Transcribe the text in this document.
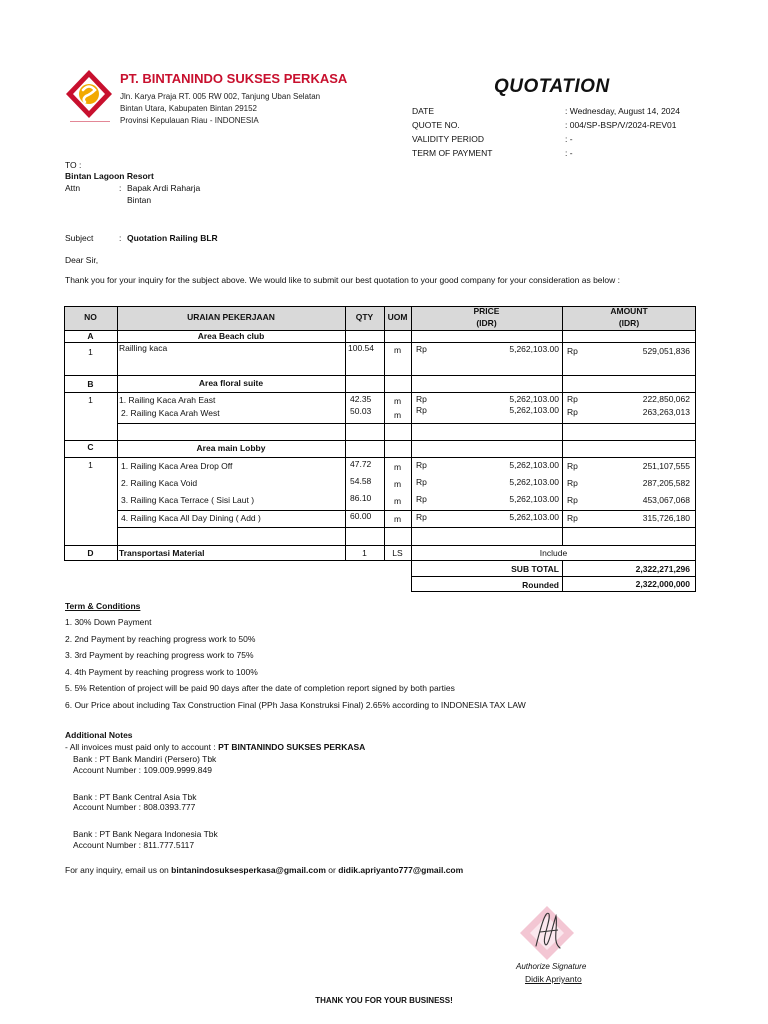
PT. BINTANINDO SUKSES PERKASA
Jln. Karya Praja RT. 005 RW 002, Tanjung Uban Selatan
Bintan Utara, Kabupaten Bintan 29152
Provinsi Kepulauan Riau - INDONESIA
QUOTATION
DATE	: Wednesday, August 14, 2024
QUOTE NO.	: 004/SP-BSP/V/2024-REV01
VALIDITY PERIOD	: -
TERM OF PAYMENT	: -
TO :
Bintan Lagoon Resort
Attn	: Bapak Ardi Raharja
Bintan
Subject	: Quotation Railing BLR
Dear Sir,
Thank you for your inquiry for the subject above. We would like to submit our best quotation to your good company for your consideration as below :
NO	URAIAN PEKERJAAN	QTY	UOM
PRICE
(IDR)
AMOUNT
(IDR)
A	Area Beach club
1	Railling kaca	100.54	m	Rp	5,262,103.00 Rp	529,051,836
B	Area floral suite
1	1. Railing Kaca Arah East	42.35	m	Rp	5,262,103.00 Rp	222,850,062
2. Railing Kaca Arah West	50.03	m	Rp	5,262,103.00 Rp	263,263,013
C	Area main Lobby
1	1. Railing Kaca Area Drop Off	47.72	m	Rp	5,262,103.00 Rp	251,107,555
2. Railing Kaca Void	54.58	m	Rp	5,262,103.00 Rp	287,205,582
3. Railing Kaca Terrace ( Sisi Laut )	86.10	m	Rp	5,262,103.00 Rp	453,067,068
4. Railing Kaca All Day Dining ( Add )	60.00	m	Rp	5,262,103.00 Rp	315,726,180
D	Transportasi Material	1	LS	Include
SUB TOTAL	2,322,271,296
Rounded	2,322,000,000
Term & Conditions
1. 30% Down Payment
2. 2nd Payment by reaching progress work to 50%
3. 3rd Payment by reaching progress work to 75%
4. 4th Payment by reaching progress work to 100%
5. 5% Retention of project will be paid 90 days after the date of completion report signed by both parties
6. Our Price about including Tax Construction Final (PPh Jasa Konstruksi Final) 2.65% according to INDONESIA TAX LAW
Additional Notes
- All invoices must paid only to account : PT BINTANINDO SUKSES PERKASA
Bank : PT Bank Mandiri (Persero) Tbk
Account Number : 109.009.9999.849
Bank : PT Bank Central Asia Tbk
Account Number : 808.0393.777
Bank : PT Bank Negara Indonesia Tbk
Account Number : 811.777.5117
For any inquiry, email us on bintanindosuksesperkasa@gmail.com or didik.apriyanto777@gmail.com
Authorize Signature
Didik Apriyanto
THANK YOU FOR YOUR BUSINESS!
